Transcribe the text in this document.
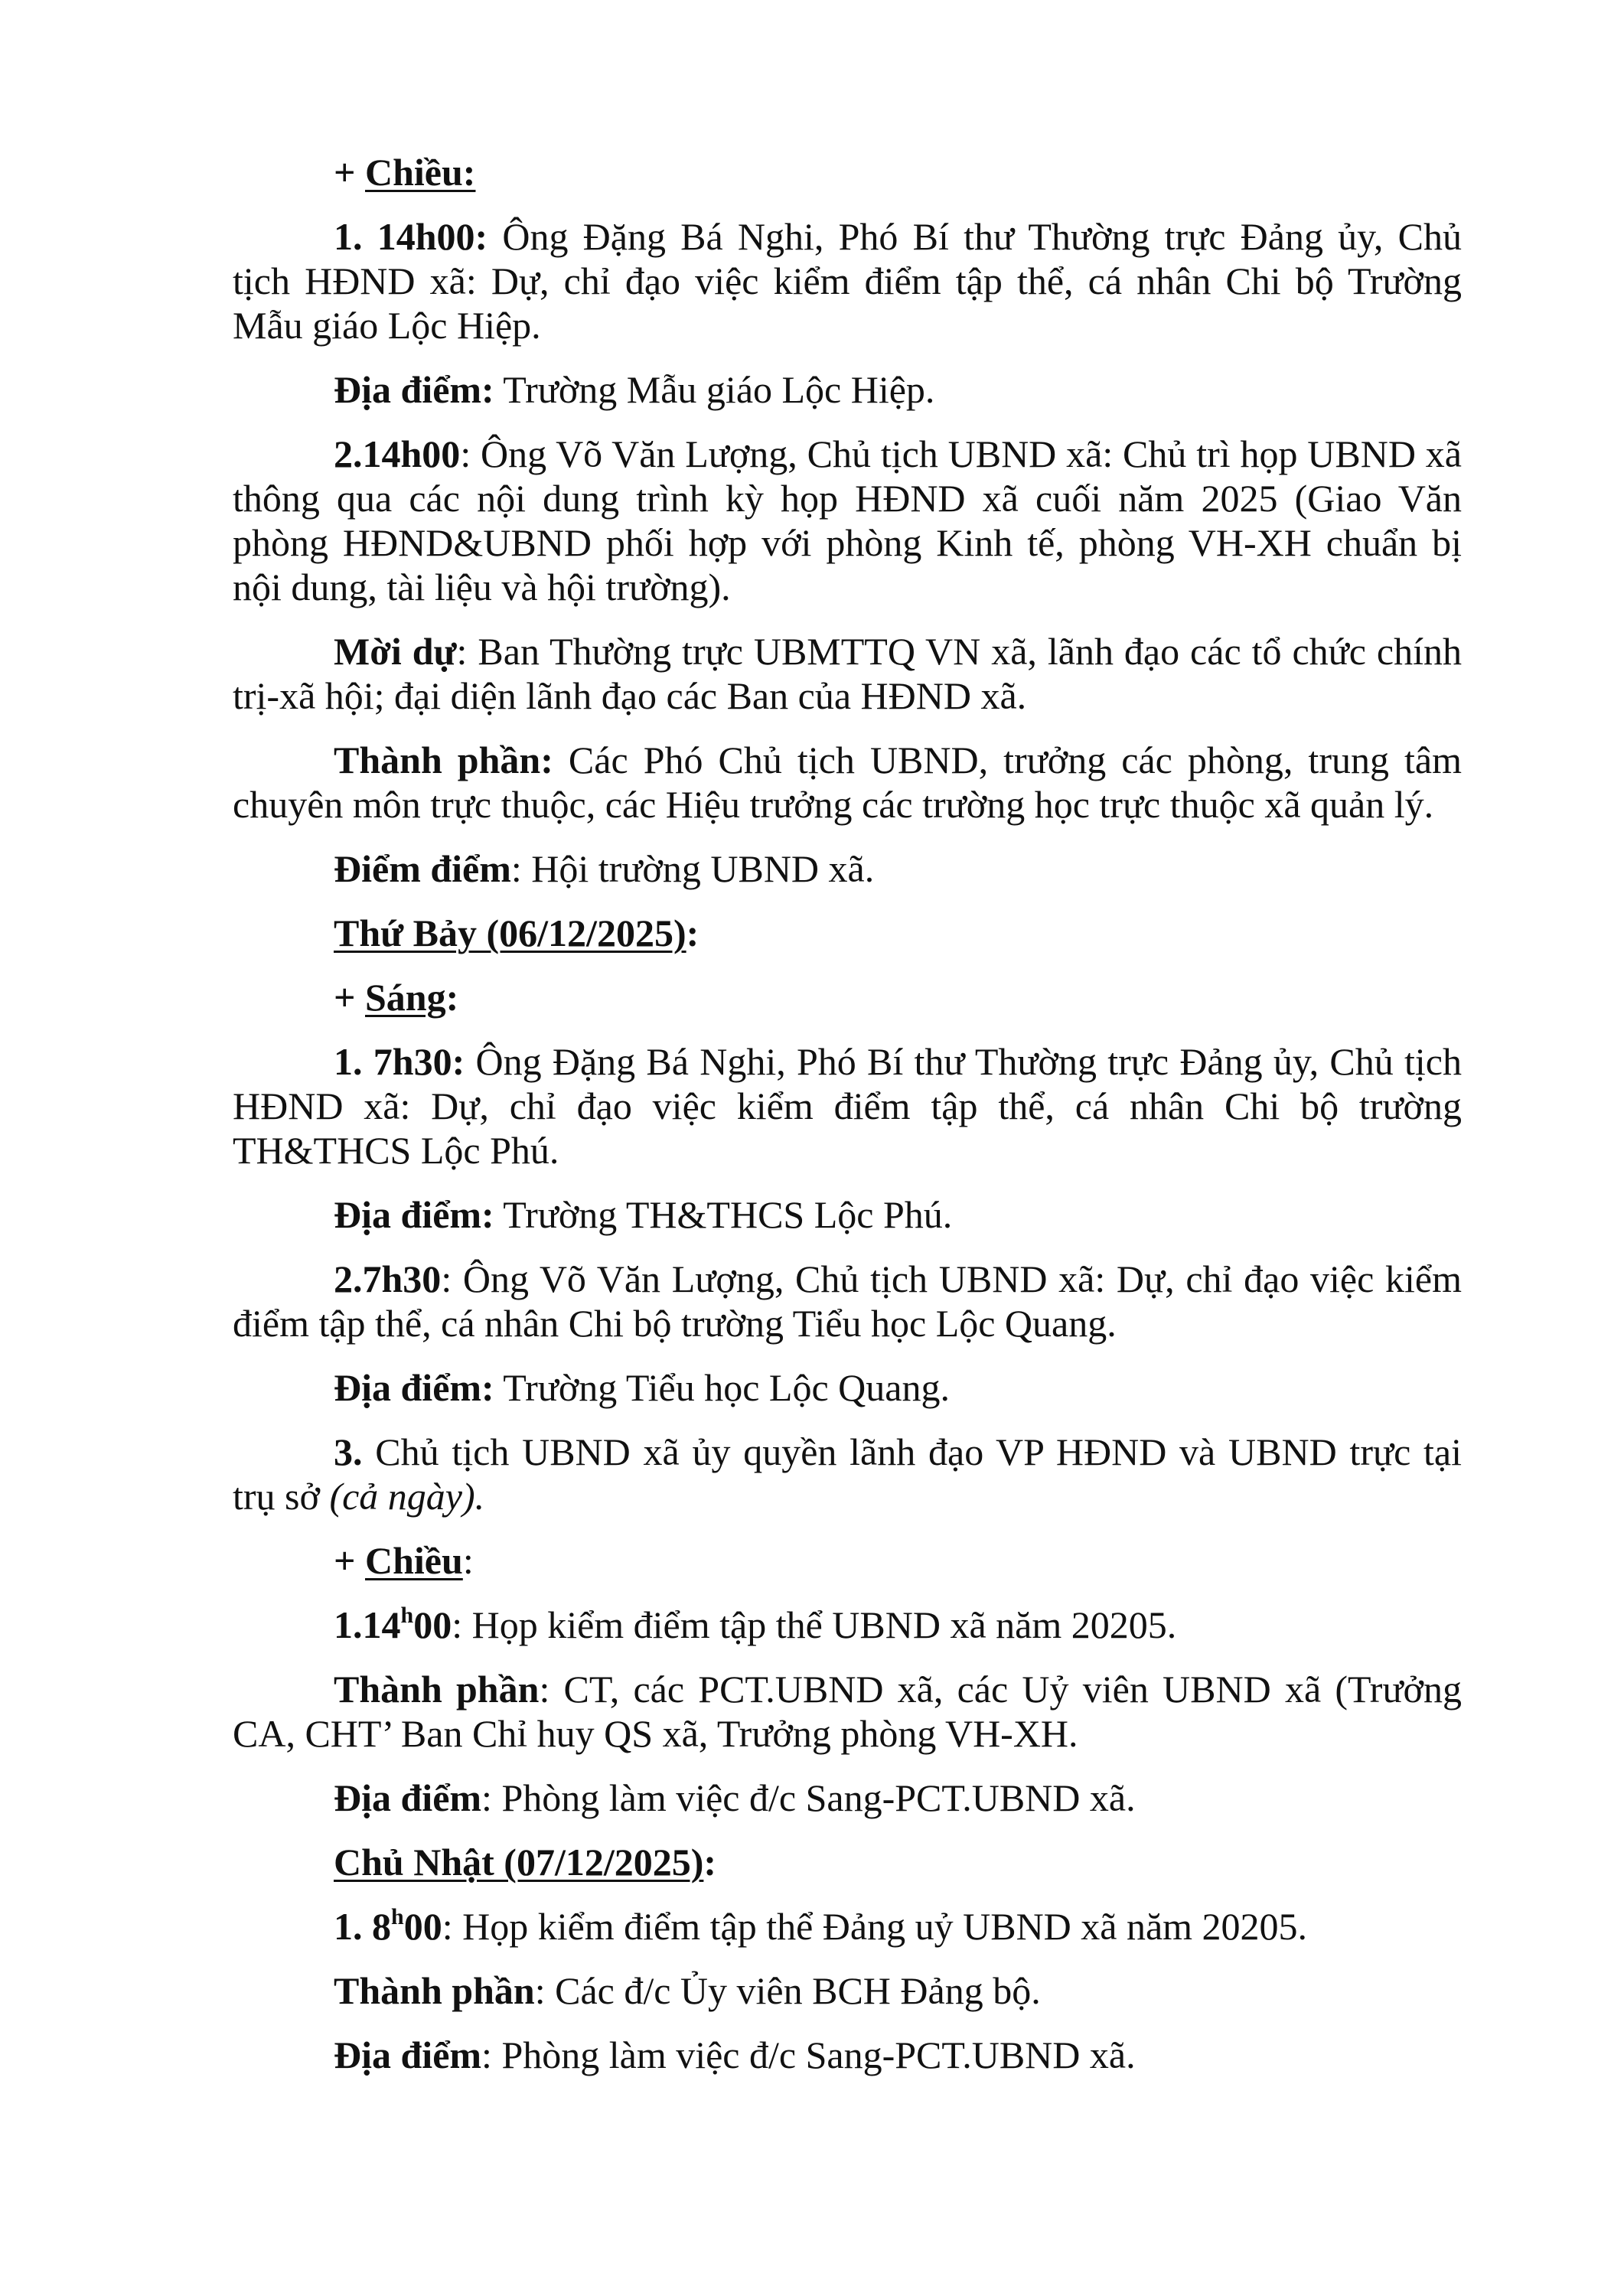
+ Chiều:

1. 14h00: Ông Đặng Bá Nghi, Phó Bí thư Thường trực Đảng ủy, Chủ tịch HĐND xã: Dự, chỉ đạo việc kiểm điểm tập thể, cá nhân Chi bộ Trường Mẫu giáo Lộc Hiệp.

Địa điểm: Trường Mẫu giáo Lộc Hiệp.

2.14h00: Ông Võ Văn Lượng, Chủ tịch UBND xã: Chủ trì họp UBND xã thông qua các nội dung trình kỳ họp HĐND xã cuối năm 2025 (Giao Văn phòng HĐND&UBND phối hợp với phòng Kinh tế, phòng VH-XH chuẩn bị nội dung, tài liệu và hội trường).

Mời dự: Ban Thường trực UBMTTQ VN xã, lãnh đạo các tổ chức chính trị-xã hội; đại diện lãnh đạo các Ban của HĐND xã.

Thành phần: Các Phó Chủ tịch UBND, trưởng các phòng, trung tâm chuyên môn trực thuộc, các Hiệu trưởng các trường học trực thuộc xã quản lý.

Điểm điểm: Hội trường UBND xã.

Thứ Bảy (06/12/2025):

+ Sáng:

1. 7h30: Ông Đặng Bá Nghi, Phó Bí thư Thường trực Đảng ủy, Chủ tịch HĐND xã: Dự, chỉ đạo việc kiểm điểm tập thể, cá nhân Chi bộ trường TH&THCS Lộc Phú.

Địa điểm: Trường TH&THCS Lộc Phú.

2.7h30: Ông Võ Văn Lượng, Chủ tịch UBND xã: Dự, chỉ đạo việc kiểm điểm tập thể, cá nhân Chi bộ trường Tiểu học Lộc Quang.

Địa điểm: Trường Tiểu học Lộc Quang.

3. Chủ tịch UBND xã ủy quyền lãnh đạo VP HĐND và UBND trực tại trụ sở (cả ngày).

+ Chiều:

1.14$^h$00: Họp kiểm điểm tập thể UBND xã năm 20205.

Thành phần: CT, các PCT.UBND xã, các Uỷ viên UBND xã (Trưởng CA, CHT’ Ban Chỉ huy QS xã, Trưởng phòng VH-XH.

Địa điểm: Phòng làm việc đ/c Sang-PCT.UBND xã.

Chủ Nhật (07/12/2025):

1. 8$^h$00: Họp kiểm điểm tập thể Đảng uỷ UBND xã năm 20205.

Thành phần: Các đ/c Ủy viên BCH Đảng bộ.

Địa điểm: Phòng làm việc đ/c Sang-PCT.UBND xã.
